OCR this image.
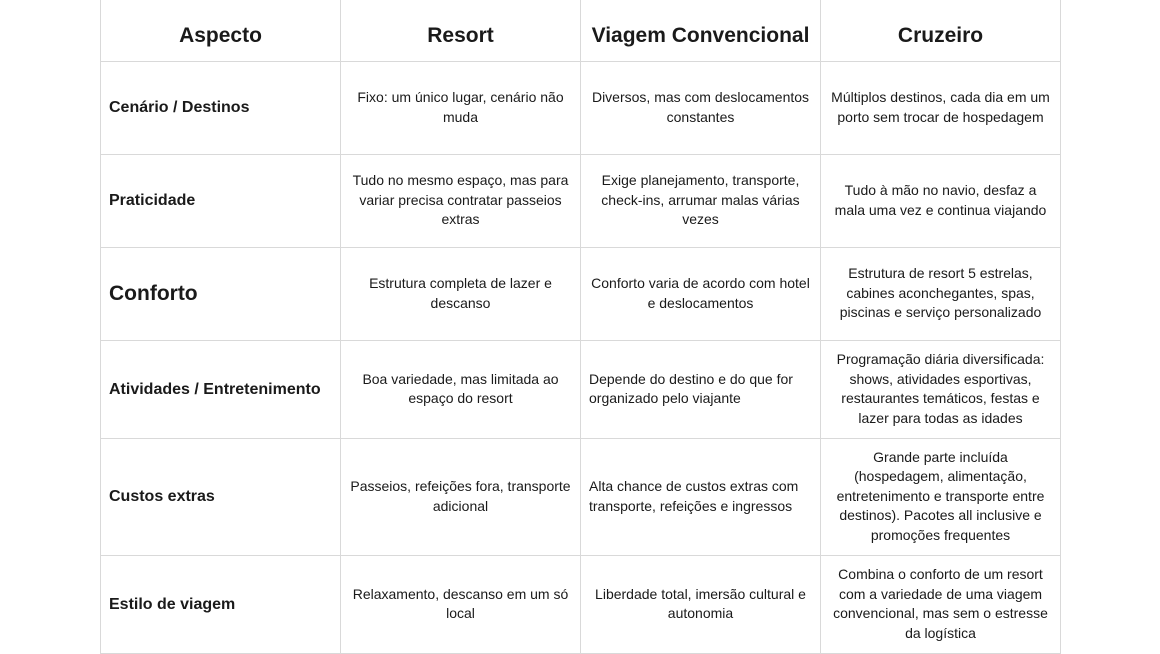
Aspecto	Resort	Viagem Convencional	Cruzeiro
Cenário / Destinos	Fixo: um único lugar, cenário não muda	Diversos, mas com deslocamentos constantes	Múltiplos destinos, cada dia em um porto sem trocar de hospedagem
Praticidade	Tudo no mesmo espaço, mas para variar precisa contratar passeios extras	Exige planejamento, transporte, check-ins, arrumar malas várias vezes	Tudo à mão no navio, desfaz a mala uma vez e continua viajando
Conforto	Estrutura completa de lazer e descanso	Conforto varia de acordo com hotel e deslocamentos	Estrutura de resort 5 estrelas, cabines aconchegantes, spas, piscinas e serviço personalizado
Atividades / Entretenimento	Boa variedade, mas limitada ao espaço do resort	Depende do destino e do que for organizado pelo viajante	Programação diária diversificada: shows, atividades esportivas, restaurantes temáticos, festas e lazer para todas as idades
Custos extras	Passeios, refeições fora, transporte adicional	Alta chance de custos extras com transporte, refeições e ingressos	Grande parte incluída (hospedagem, alimentação, entretenimento e transporte entre destinos). Pacotes all inclusive e promoções frequentes
Estilo de viagem	Relaxamento, descanso em um só local	Liberdade total, imersão cultural e autonomia	Combina o conforto de um resort com a variedade de uma viagem convencional, mas sem o estresse da logística
